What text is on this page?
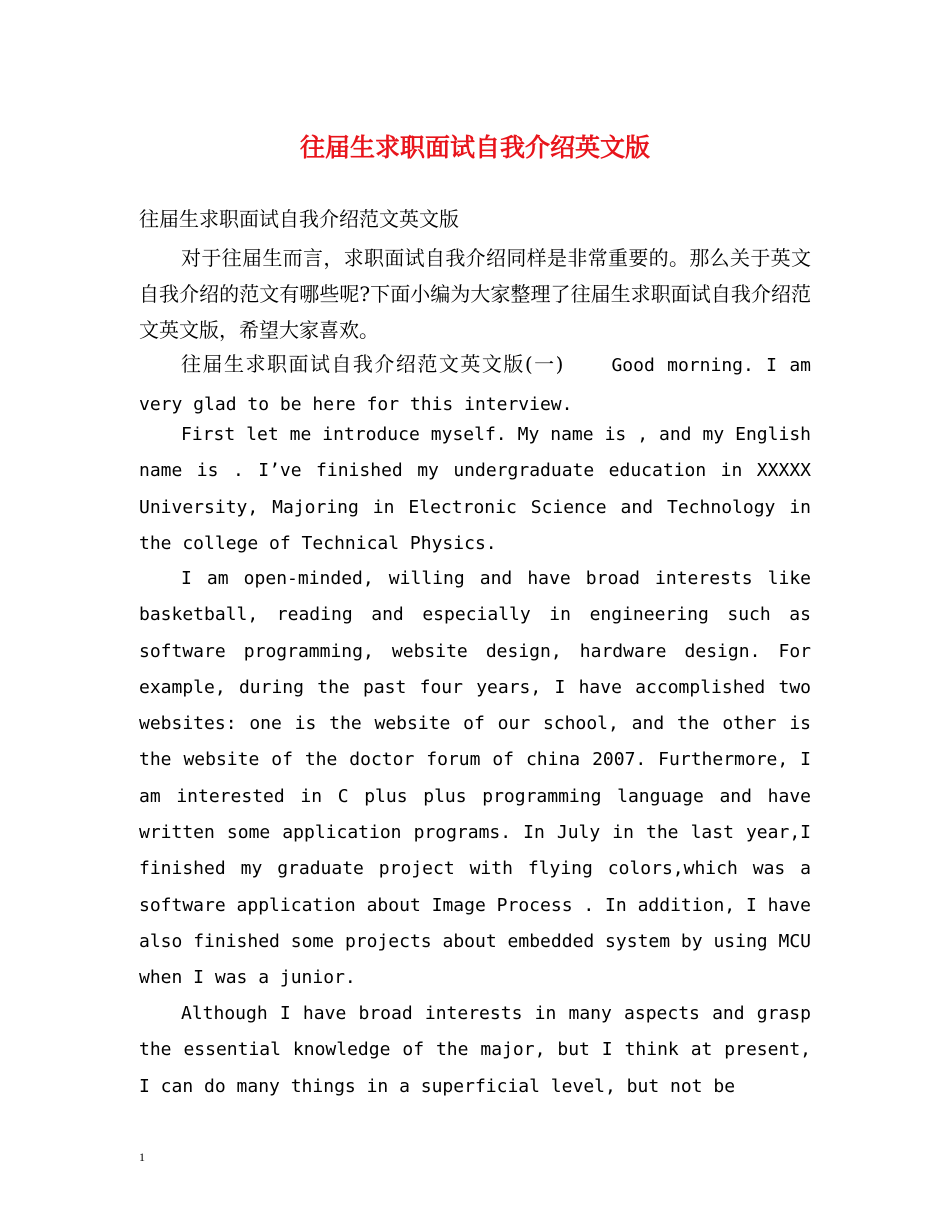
往届生求职面试自我介绍英文版
往届生求职面试自我介绍范文英文版
对于往届生而言，求职面试自我介绍同样是非常重要的。那么关于英文自我介绍的范文有哪些呢?下面小编为大家整理了往届生求职面试自我介绍范文英文版，希望大家喜欢。
往届生求职面试自我介绍范文英文版(一)	Good morning. I am very glad to be here for this interview.
First let me introduce myself. My name is , and my English name is . I’ve finished my undergraduate education in XXXXX University, Majoring in Electronic Science and Technology in the college of Technical Physics.
I am open-minded, willing and have broad interests like basketball, reading and especially in engineering such as software programming, website design, hardware design. For example, during the past four years, I have accomplished two websites: one is the website of our school, and the other is the website of the doctor forum of china 2007. Furthermore, I am interested in C plus plus programming language and have written some application programs. In July in the last year,I finished my graduate project with flying colors,which was a software application about Image Process . In addition, I have also finished some projects about embedded system by using MCU when I was a junior.
Although I have broad interests in many aspects and grasp the essential knowledge of the major, but I think at present, I can do many things in a superficial level, but not be
1
